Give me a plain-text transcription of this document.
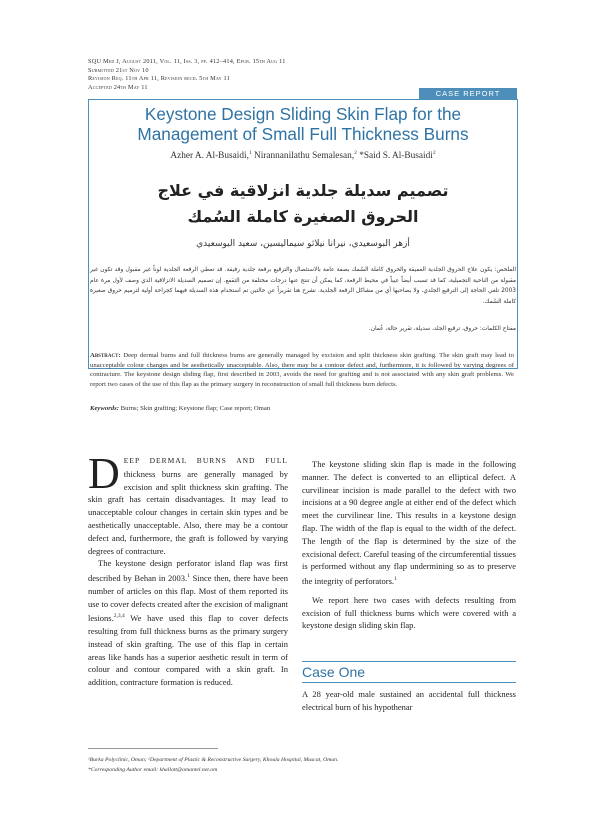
SQU Med J, August 2011, Vol. 11, Iss. 3, pp. 412–414, Epub. 15th Aug 11
Submitted 21st Nov 10
Revision Req. 11th Apr 11, Revision recd. 5th May 11
Accepted 24th May 11
CASE REPORT
Keystone Design Sliding Skin Flap for the
Management of Small Full Thickness Burns
Azher A. Al-Busaidi,$^1$ Nirannanilathu Semalesan,$^2$ *Said S. Al-Busaidi$^2$
تصميم سديلة جلدية انزلاقية في علاج
الحروق الصغيرة كاملة السُمك
أزهر البوسعيدي، نيرانا نيلاثو سيماليسين، سعيد البوسعيدي
الملخص: يكون علاج الحروق الجلدية العميقة والحروق كاملة السُمك بصفة عامة بالاستئصال والترقيع برقعة جلدية رقيقة. قد تعطي الرقعة الجلدية لوناً غير مقبول وقد تكون غير مقبولة من الناحية التجميلية، كما قد تسبب أيضاً عيباً في محيط الرقعة، كما يمكن أن تنتج عنها درجات مختلفة من التقفع. إن تصميم السديلة الانزلاقية الذي وصف لأول مرة عام 2003 تلغي الحاجة إلى الترقيع الجلدي، ولا يصاحبها أي من مشاكل الرقعة الجلدية. نشرح هنا تقريراً عن حالتين تم استخدام هذه السديلة فيهما كجراحة أولية لترميم حروق صغيرة كاملة السُمك.
مفتاح الكلمات: حروق، ترقيع الجلد، سديلة، تقرير حالة، عُمان.
Abstract: Deep dermal burns and full thickness burns are generally managed by excision and split thickness skin grafting. The skin graft may lead to unacceptable colour changes and be aesthetically unacceptable. Also, there may be a contour defect and, furthermore, it is followed by varying degrees of contracture. The keystone design sliding flap, first described in 2003, avoids the need for grafting and is not associated with any skin graft problems. We report two cases of the use of this flap as the primary surgery in reconstruction of small full thickness burn defects.
Keywords: Burns; Skin grafting; Keystone flap; Case report; Oman

DEEP DERMAL BURNS AND FULL thickness burns are generally managed by excision and split thickness skin grafting. The skin graft has certain disadvantages. It may lead to unacceptable colour changes in certain skin types and be aesthetically unacceptable. Also, there may be a contour defect and, furthermore, the graft is followed by varying degrees of contracture.

The keystone design perforator island flap was first described by Behan in 2003.$^1$ Since then, there have been number of articles on this flap. Most of them reported its use to cover defects created after the excision of malignant lesions.$^{2,3,4}$ We have used this flap to cover defects resulting from full thickness burns as the primary surgery instead of skin grafting. The use of this flap in certain areas like hands has a superior aesthetic result in term of colour and contour compared with a skin graft. In addition, contracture formation is reduced.

The keystone sliding skin flap is made in the following manner. The defect is converted to an elliptical defect. A curvilinear incision is made parallel to the defect with two incisions at a 90 degree angle at either end of the defect which meet the curvilinear line. This results in a keystone design flap. The width of the flap is equal to the width of the defect. The length of the flap is determined by the size of the excisional defect. Careful teasing of the circumferential tissues is performed without any flap undermining so as to preserve the integrity of perforators.$^1$

We report here two cases with defects resulting from excision of full thickness burns which were covered with a keystone design sliding skin flap.

Case One

A 28 year-old male sustained an accidental full thickness electrical burn of his hypothenar

¹Burka Polyclinic, Oman; ²Department of Plastic & Reconstructive Surgery, Khoula Hospital, Muscat, Oman.
*Corresponding Author email: khallott@omantel.net.om
